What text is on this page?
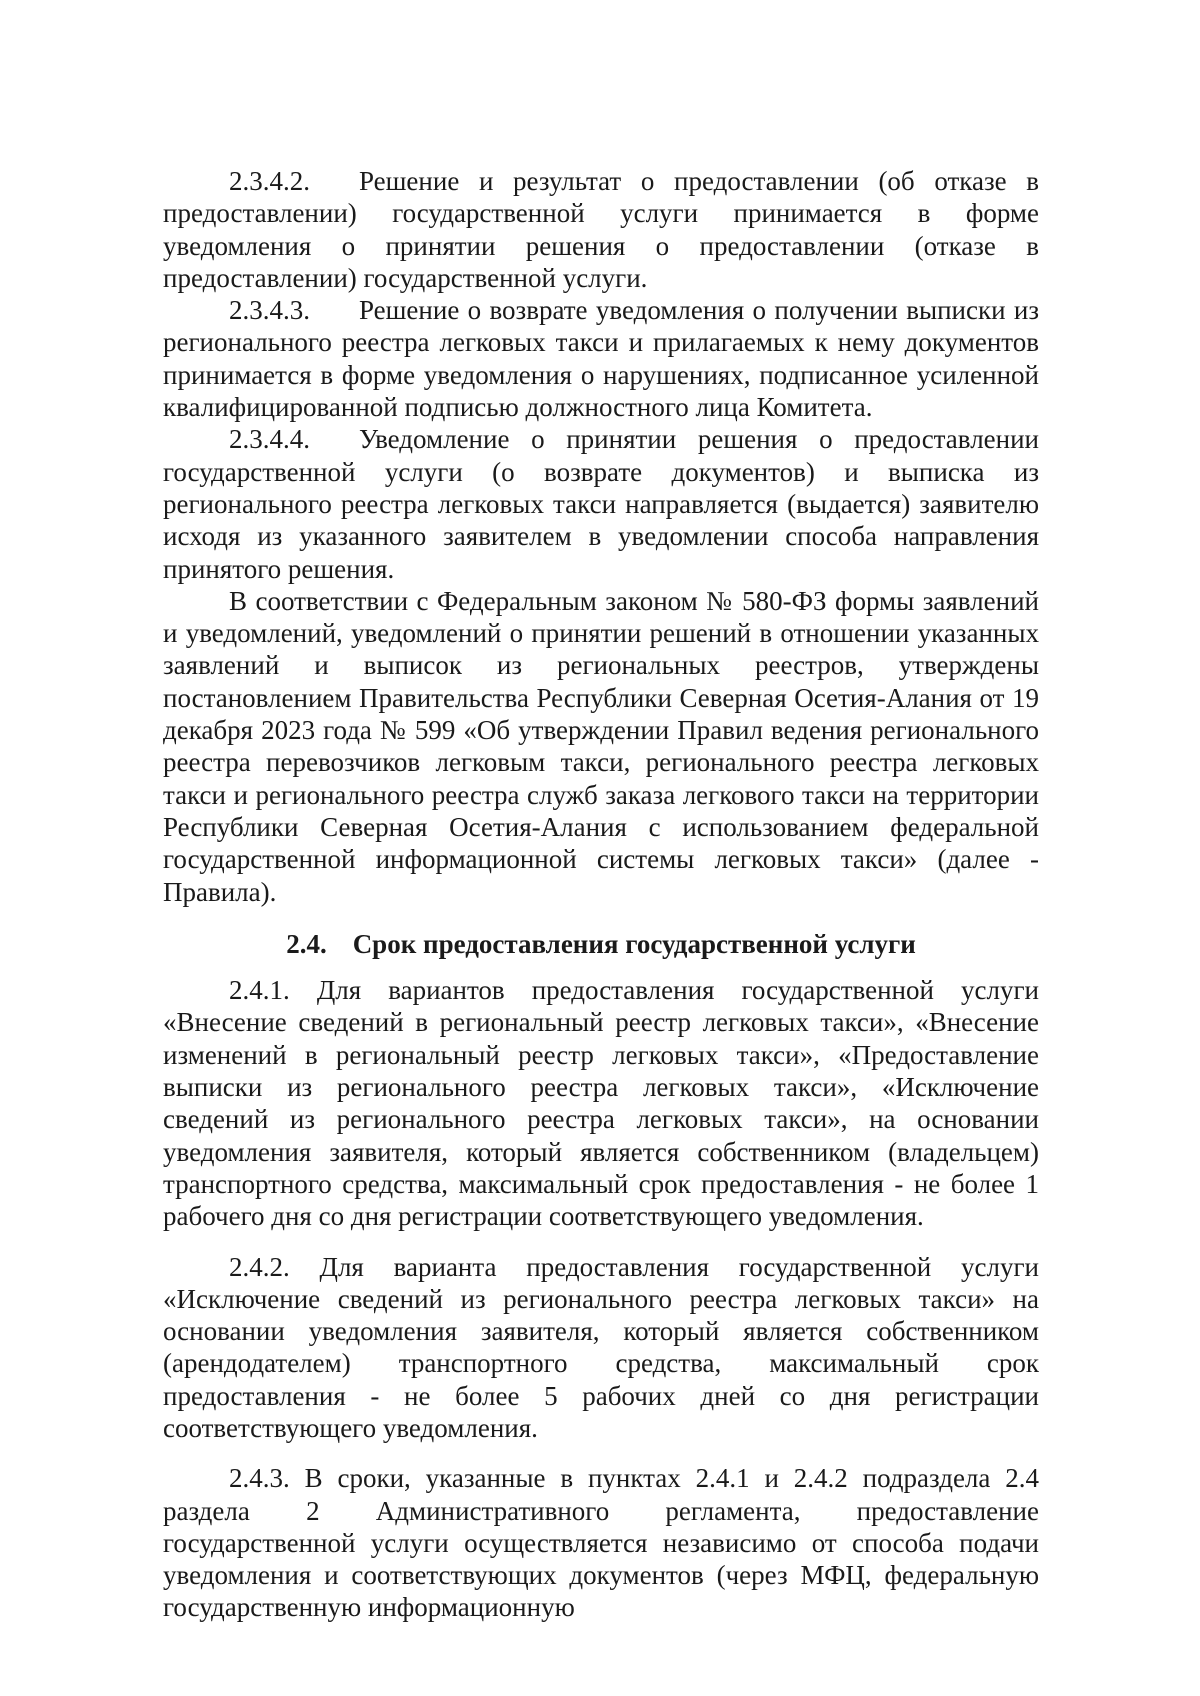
2.3.4.2. Решение и результат о предоставлении (об отказе в предоставлении) государственной услуги принимается в форме уведомления о принятии решения о предоставлении (отказе в предоставлении) государственной услуги.

2.3.4.3. Решение о возврате уведомления о получении выписки из регионального реестра легковых такси и прилагаемых к нему документов принимается в форме уведомления о нарушениях, подписанное усиленной квалифицированной подписью должностного лица Комитета.

2.3.4.4. Уведомление о принятии решения о предоставлении государственной услуги (о возврате документов) и выписка из регионального реестра легковых такси направляется (выдается) заявителю исходя из указанного заявителем в уведомлении способа направления принятого решения.

В соответствии с Федеральным законом № 580-ФЗ формы заявлений и уведомлений, уведомлений о принятии решений в отношении указанных заявлений и выписок из региональных реестров, утверждены постановлением Правительства Республики Северная Осетия-Алания от 19 декабря 2023 года № 599 «Об утверждении Правил ведения регионального реестра перевозчиков легковым такси, регионального реестра легковых такси и регионального реестра служб заказа легкового такси на территории Республики Северная Осетия-Алания с использованием федеральной государственной информационной системы легковых такси» (далее - Правила).

2.4. Срок предоставления государственной услуги

2.4.1. Для вариантов предоставления государственной услуги «Внесение сведений в региональный реестр легковых такси», «Внесение изменений в региональный реестр легковых такси», «Предоставление выписки из регионального реестра легковых такси», «Исключение сведений из регионального реестра легковых такси», на основании уведомления заявителя, который является собственником (владельцем) транспортного средства, максимальный срок предоставления - не более 1 рабочего дня со дня регистрации соответствующего уведомления.

2.4.2. Для варианта предоставления государственной услуги «Исключение сведений из регионального реестра легковых такси» на основании уведомления заявителя, который является собственником (арендодателем) транспортного средства, максимальный срок предоставления - не более 5 рабочих дней со дня регистрации соответствующего уведомления.

2.4.3. В сроки, указанные в пунктах 2.4.1 и 2.4.2 подраздела 2.4 раздела 2 Административного регламента, предоставление государственной услуги осуществляется независимо от способа подачи уведомления и соответствующих документов (через МФЦ, федеральную государственную информационную
